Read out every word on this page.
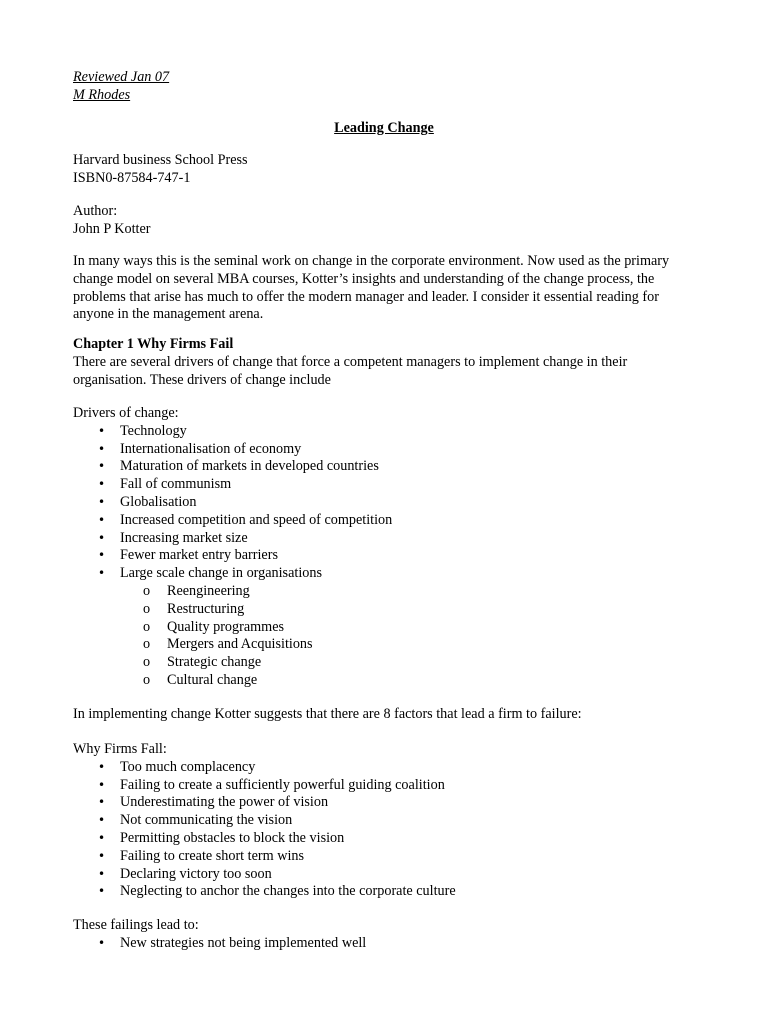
Reviewed Jan 07
M Rhodes
Leading Change
Harvard business School Press
ISBN0-87584-747-1
Author:
John P Kotter
In many ways this is the seminal work on change in the corporate environment. Now used as the primary change model on several MBA courses, Kotter’s insights and understanding of the change process, the problems that arise has much to offer the modern manager and leader. I consider it essential reading for anyone in the management arena.
Chapter 1 Why Firms Fail
There are several drivers of change that force a competent managers to implement change in their organisation. These drivers of change include
Drivers of change:
• Technology
• Internationalisation of economy
• Maturation of markets in developed countries
• Fall of communism
• Globalisation
• Increased competition and speed of competition
• Increasing market size
• Fewer market entry barriers
• Large scale change in organisations
o Reengineering
o Restructuring
o Quality programmes
o Mergers and Acquisitions
o Strategic change
o Cultural change
In implementing change Kotter suggests that there are 8 factors that lead a firm to failure:
Why Firms Fall:
• Too much complacency
• Failing to create a sufficiently powerful guiding coalition
• Underestimating the power of vision
• Not communicating the vision
• Permitting obstacles to block the vision
• Failing to create short term wins
• Declaring victory too soon
• Neglecting to anchor the changes into the corporate culture
These failings lead to:
• New strategies not being implemented well
